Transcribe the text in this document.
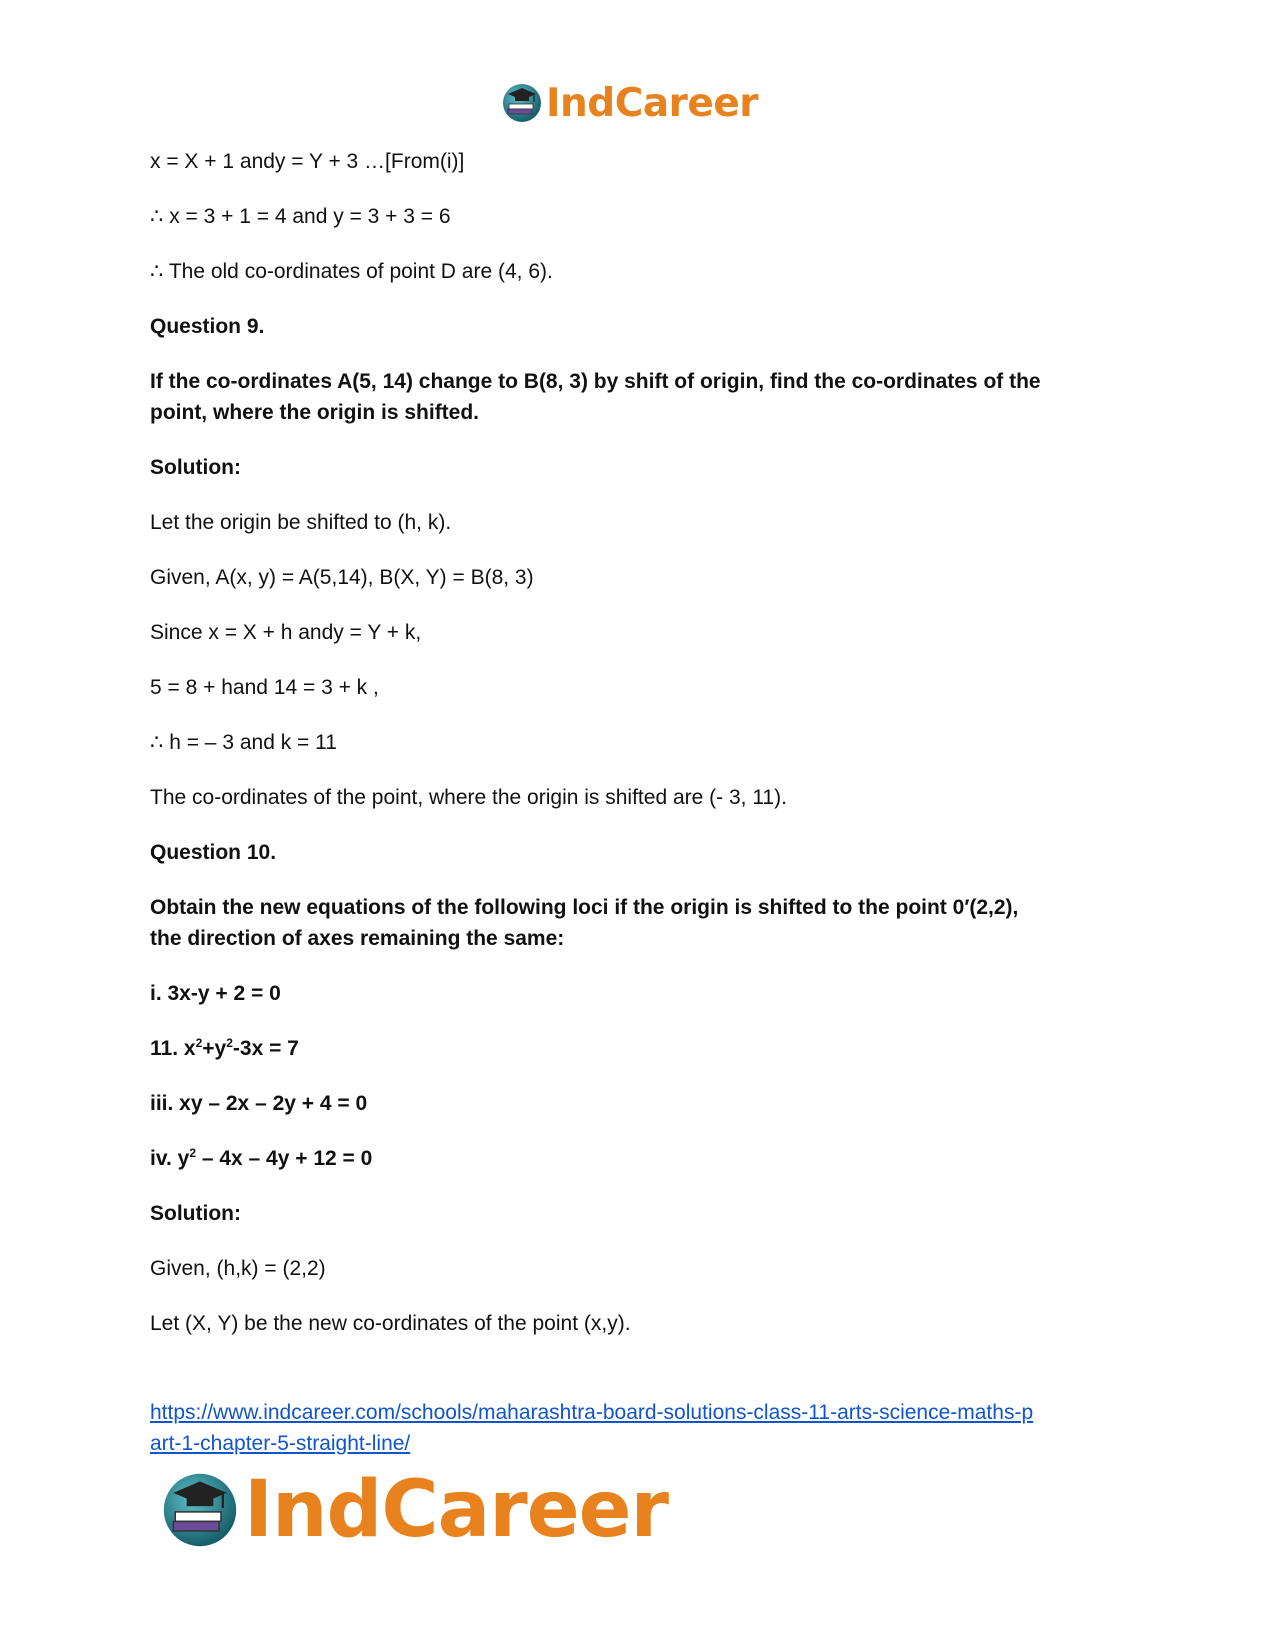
IndCareer

x = X + 1 andy = Y + 3 …[From(i)]

∴ x = 3 + 1 = 4 and y = 3 + 3 = 6

∴ The old co-ordinates of point D are (4, 6).

Question 9.

If the co-ordinates A(5, 14) change to B(8, 3) by shift of origin, find the co-ordinates of the
point, where the origin is shifted.

Solution:

Let the origin be shifted to (h, k).

Given, A(x, y) = A(5,14), B(X, Y) = B(8, 3)

Since x = X + h andy = Y + k,

5 = 8 + hand 14 = 3 + k ,

∴ h = – 3 and k = 11

The co-ordinates of the point, where the origin is shifted are (- 3, 11).

Question 10.

Obtain the new equations of the following loci if the origin is shifted to the point 0′(2,2),
the direction of axes remaining the same:

i. 3x-y + 2 = 0

11. $x^2+y^2-3x = 7$

iii. xy – 2x – 2y + 4 = 0

iv. $y^2 - 4x - 4y + 12 = 0$

Solution:

Given, (h,k) = (2,2)

Let (X, Y) be the new co-ordinates of the point (x,y).

https://www.indcareer.com/schools/maharashtra-board-solutions-class-11-arts-science-maths-p
art-1-chapter-5-straight-line/
IndCareer
